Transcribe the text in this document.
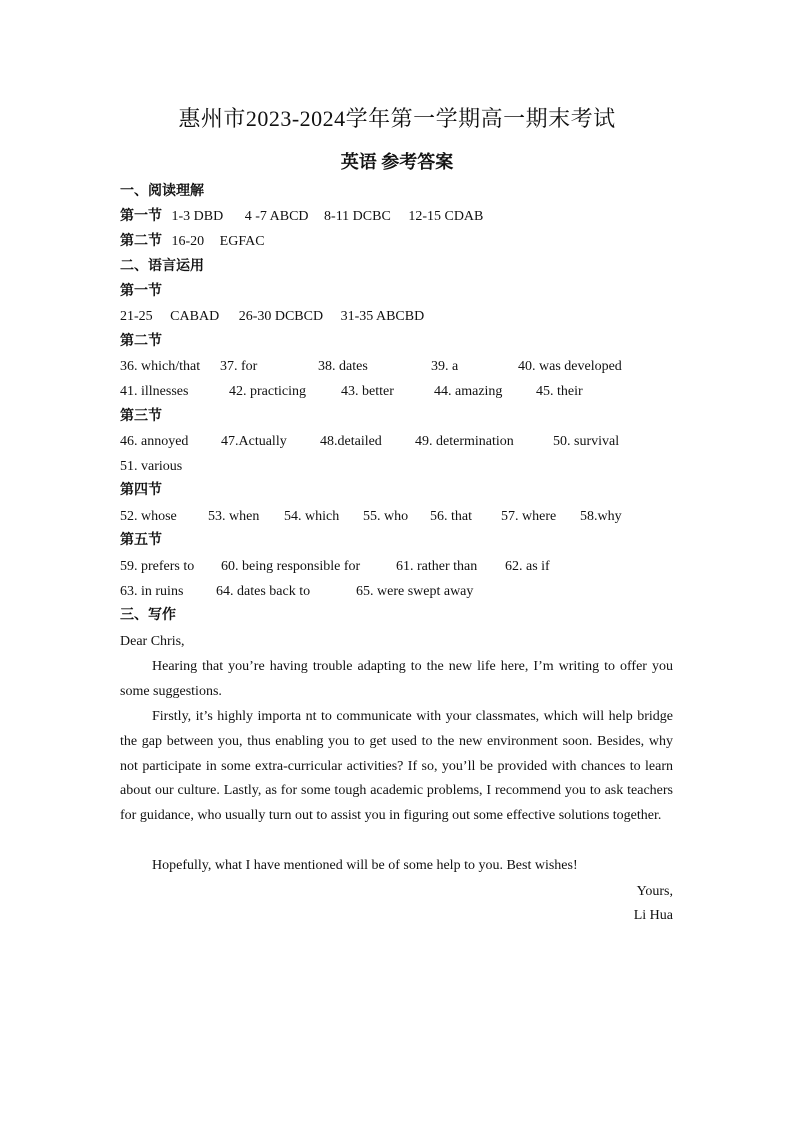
惠州市2023-2024学年第一学期高一期末考试
英语 参考答案
一、阅读理解
第一节 1-3 DBD 4 -7 ABCD 8-11 DCBC 12-15 CDAB
第二节 16-20 EGFAC
二、语言运用
第一节
21-25 CABAD 26-30 DCBCD 31-35 ABCBD
第二节
36. which/that 37. for	38. dates	39. a	40. was developed
41. illnesses	42. practicing	43. better	44. amazing 45. their
第三节
46. annoyed 47.Actually 48.detailed 49. determination	50. survival
51. various
第四节
52. whose 53. when 54. which 55. who 56. that 57. where 58.why
第五节
59. prefers to 60. being responsible for	61. rather than 62. as if
63. in ruins 64. dates back to	65. were swept away
三、写作
Dear Chris,
Hearing that you’re having trouble adapting to the new life here, I’m writing to offer you some suggestions.
Firstly, it’s highly importa nt to communicate with your classmates, which will help bridge the gap between you, thus enabling you to get used to the new environment soon. Besides, why not participate in some extra-curricular activities? If so, you’ll be provided with chances to learn about our culture. Lastly, as for some tough academic problems, I recommend you to ask teachers for guidance, who usually turn out to assist you in figuring out some effective solutions together.
Hopefully, what I have mentioned will be of some help to you. Best wishes!
Yours,
Li Hua
